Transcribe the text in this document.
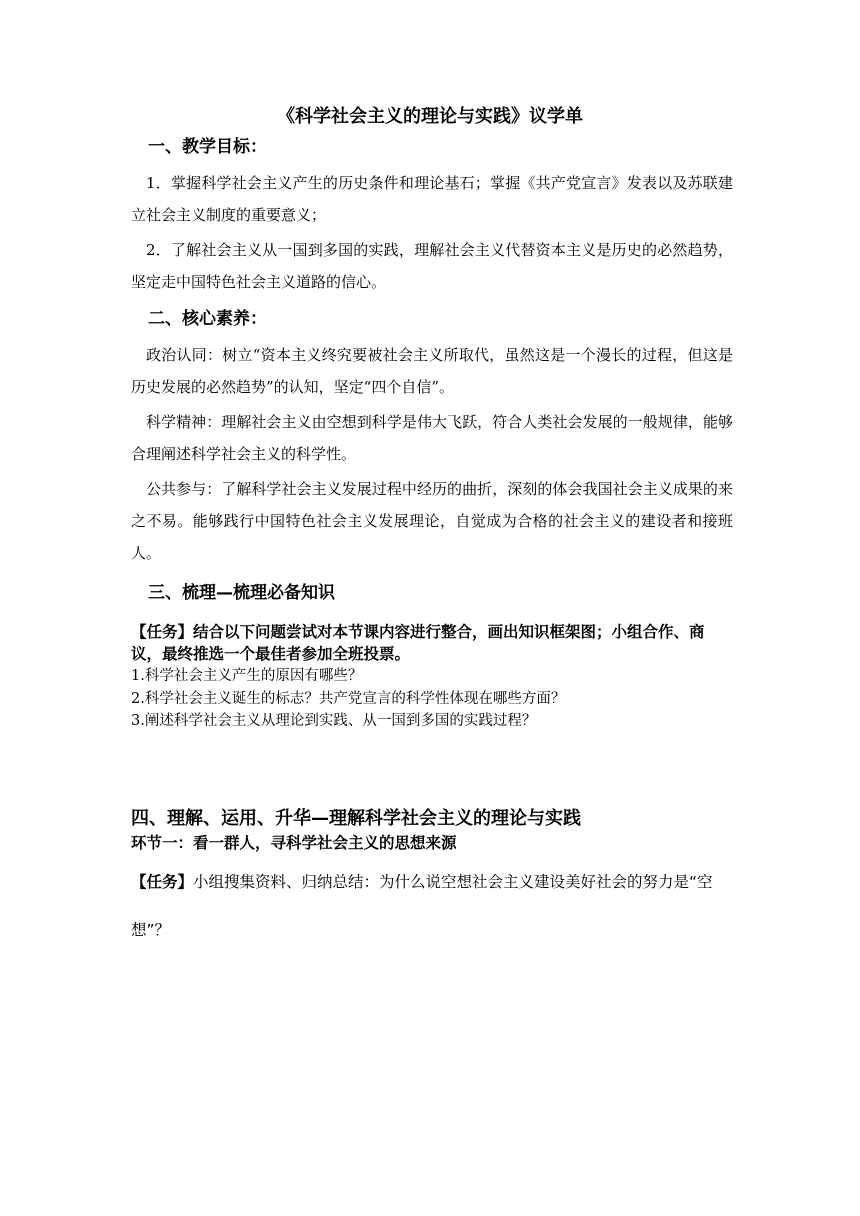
《科学社会主义的理论与实践》议学单
一、教学目标：
1．掌握科学社会主义产生的历史条件和理论基石；掌握《共产党宣言》发表以及苏联建立社会主义制度的重要意义；
2．了解社会主义从一国到多国的实践，理解社会主义代替资本主义是历史的必然趋势，坚定走中国特色社会主义道路的信心。
二、核心素养：
政治认同：树立“资本主义终究要被社会主义所取代，虽然这是一个漫长的过程，但这是历史发展的必然趋势”的认知，坚定“四个自信”。
科学精神：理解社会主义由空想到科学是伟大飞跃，符合人类社会发展的一般规律，能够合理阐述科学社会主义的科学性。
公共参与：了解科学社会主义发展过程中经历的曲折，深刻的体会我国社会主义成果的来之不易。能够践行中国特色社会主义发展理论，自觉成为合格的社会主义的建设者和接班人。
三、梳理—梳理必备知识
【任务】结合以下问题尝试对本节课内容进行整合，画出知识框架图；小组合作、商议，最终推选一个最佳者参加全班投票。
1.科学社会主义产生的原因有哪些？
2.科学社会主义诞生的标志？共产党宣言的科学性体现在哪些方面？
3.阐述科学社会主义从理论到实践、从一国到多国的实践过程？
四、理解、运用、升华—理解科学社会主义的理论与实践
环节一：看一群人，寻科学社会主义的思想来源
【任务】小组搜集资料、归纳总结：为什么说空想社会主义建设美好社会的努力是“空想”？
